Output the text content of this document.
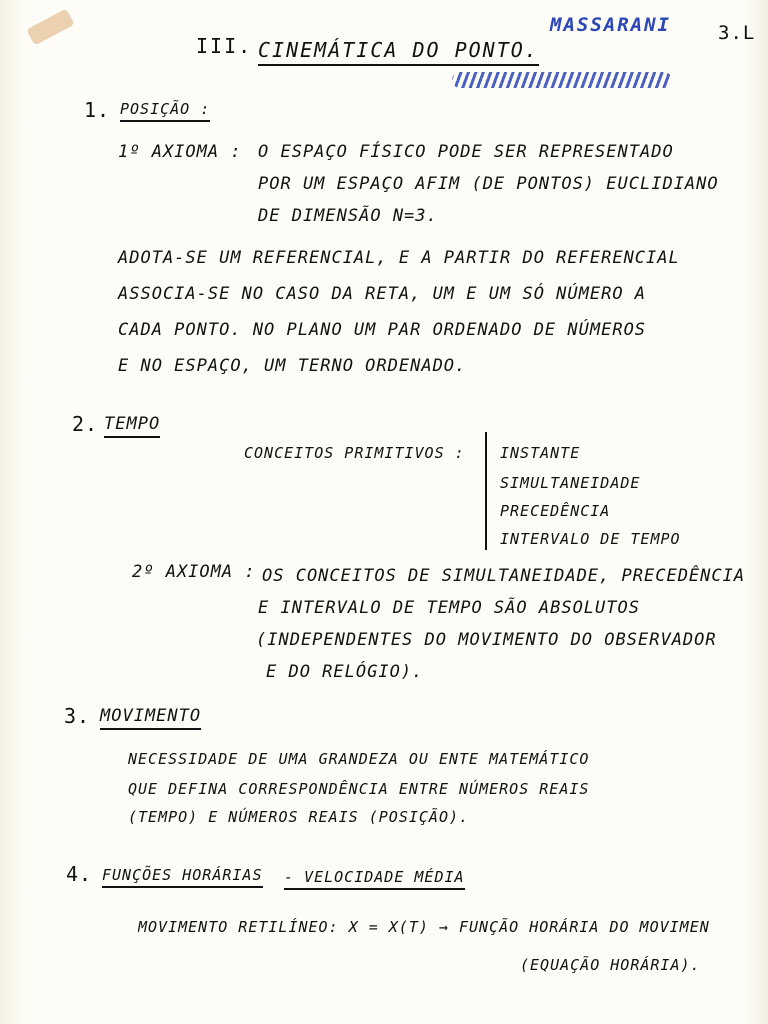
III. CINEMÁTICA DO PONTO.
MASSARANI 3.L
1. POSIÇÃO :
1º AXIOMA : O ESPAÇO FÍSICO PODE SER REPRESENTADO
POR UM ESPAÇO AFIM (DE PONTOS) EUCLIDIANO
DE DIMENSÃO N=3.
ADOTA-SE UM REFERENCIAL, E A PARTIR DO REFERENCIAL
ASSOCIA-SE NO CASO DA RETA, UM E UM SÓ NÚMERO A
CADA PONTO. NO PLANO UM PAR ORDENADO DE NÚMEROS
E NO ESPAÇO, UM TERNO ORDENADO.
2. TEMPO
CONCEITOS PRIMITIVOS : INSTANTE
SIMULTANEIDADE
PRECEDÊNCIA
INTERVALO DE TEMPO
2º AXIOMA : OS CONCEITOS DE SIMULTANEIDADE, PRECEDÊNCIA
E INTERVALO DE TEMPO SÃO ABSOLUTOS
(INDEPENDENTES DO MOVIMENTO DO OBSERVADOR
E DO RELÓGIO).
3. MOVIMENTO
NECESSIDADE DE UMA GRANDEZA OU ENTE MATEMÁTICO
QUE DEFINA CORRESPONDÊNCIA ENTRE NÚMEROS REAIS
(TEMPO) E NÚMEROS REAIS (POSIÇÃO).
4. FUNÇÕES HORÁRIAS - VELOCIDADE MÉDIA
MOVIMENTO RETILÍNEO: X = X(T) → FUNÇÃO HORÁRIA DO MOVIMEN
(EQUAÇÃO HORÁRIA).
